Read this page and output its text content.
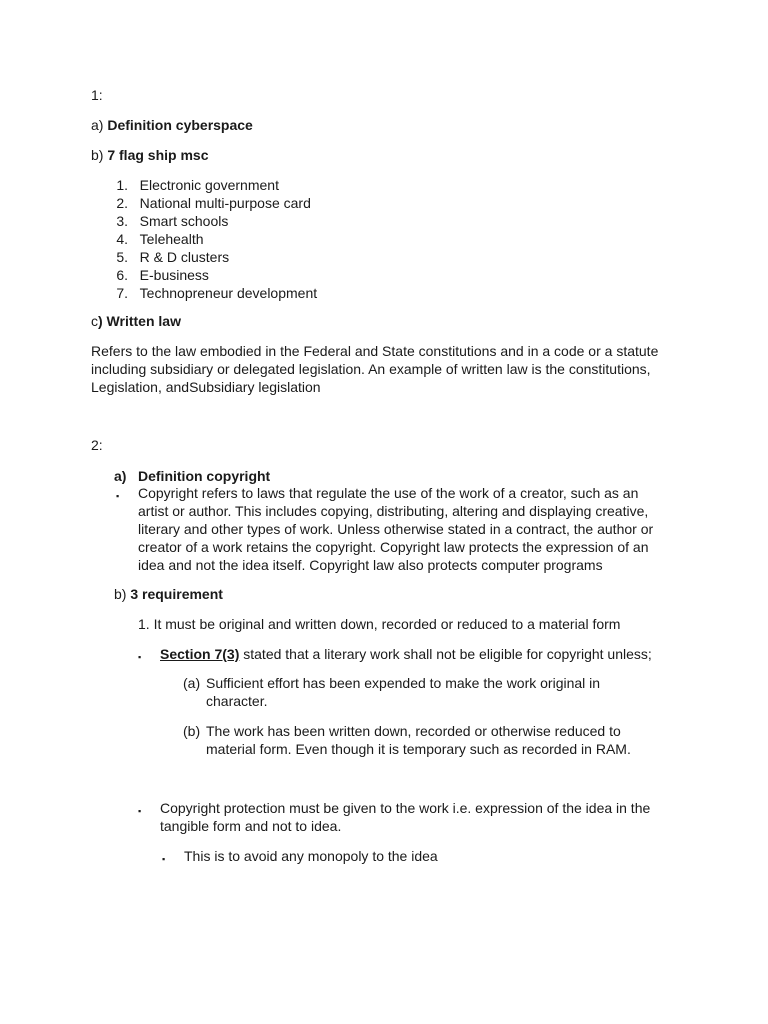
1:
a) Definition cyberspace
b) 7 flag ship msc
1. Electronic government
2. National multi-purpose card
3. Smart schools
4. Telehealth
5. R & D clusters
6. E-business
7. Technopreneur development
c) Written law
Refers to the law embodied in the Federal and State constitutions and in a code or a statute
including subsidiary or delegated legislation. An example of written law is the constitutions,
Legislation, andSubsidiary legislation
2:
a) Definition copyright
▪ Copyright refers to laws that regulate the use of the work of a creator, such as an
artist or author. This includes copying, distributing, altering and displaying creative,
literary and other types of work. Unless otherwise stated in a contract, the author or
creator of a work retains the copyright. Copyright law protects the expression of an
idea and not the idea itself. Copyright law also protects computer programs
b) 3 requirement
1. It must be original and written down, recorded or reduced to a material form
▪ Section 7(3) stated that a literary work shall not be eligible for copyright unless;
(a) Sufficient effort has been expended to make the work original in
character.
(b) The work has been written down, recorded or otherwise reduced to
material form. Even though it is temporary such as recorded in RAM.
▪ Copyright protection must be given to the work i.e. expression of the idea in the
tangible form and not to idea.
▪ This is to avoid any monopoly to the idea
